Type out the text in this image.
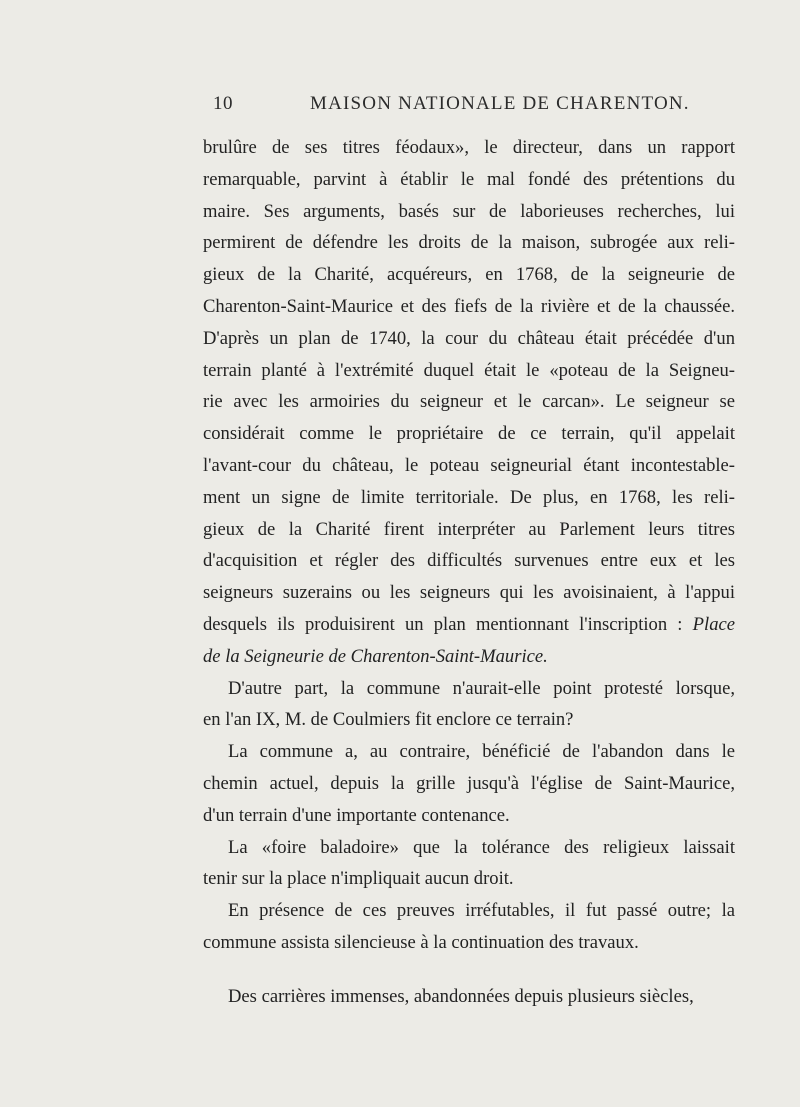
10	MAISON NATIONALE DE CHARENTON.
brulûre de ses titres féodaux», le directeur, dans un rapport
remarquable, parvint à établir le mal fondé des prétentions du
maire. Ses arguments, basés sur de laborieuses recherches, lui
permirent de défendre les droits de la maison, subrogée aux reli-
gieux de la Charité, acquéreurs, en 1768, de la seigneurie de
Charenton-Saint-Maurice et des fiefs de la rivière et de la chaussée.
D'après un plan de 1740, la cour du château était précédée d'un
terrain planté à l'extrémité duquel était le «poteau de la Seigneu-
rie avec les armoiries du seigneur et le carcan». Le seigneur se
considérait comme le propriétaire de ce terrain, qu'il appelait
l'avant-cour du château, le poteau seigneurial étant incontestable-
ment un signe de limite territoriale. De plus, en 1768, les reli-
gieux de la Charité firent interpréter au Parlement leurs titres
d'acquisition et régler des difficultés survenues entre eux et les
seigneurs suzerains ou les seigneurs qui les avoisinaient, à l'appui
desquels ils produisirent un plan mentionnant l'inscription : Place
de la Seigneurie de Charenton-Saint-Maurice.
D'autre part, la commune n'aurait-elle point protesté lorsque,
en l'an IX, M. de Coulmiers fit enclore ce terrain?
La commune a, au contraire, bénéficié de l'abandon dans le
chemin actuel, depuis la grille jusqu'à l'église de Saint-Maurice,
d'un terrain d'une importante contenance.
La «foire baladoire» que la tolérance des religieux laissait
tenir sur la place n'impliquait aucun droit.
En présence de ces preuves irréfutables, il fut passé outre; la
commune assista silencieuse à la continuation des travaux.
Des carrières immenses, abandonnées depuis plusieurs siècles,
